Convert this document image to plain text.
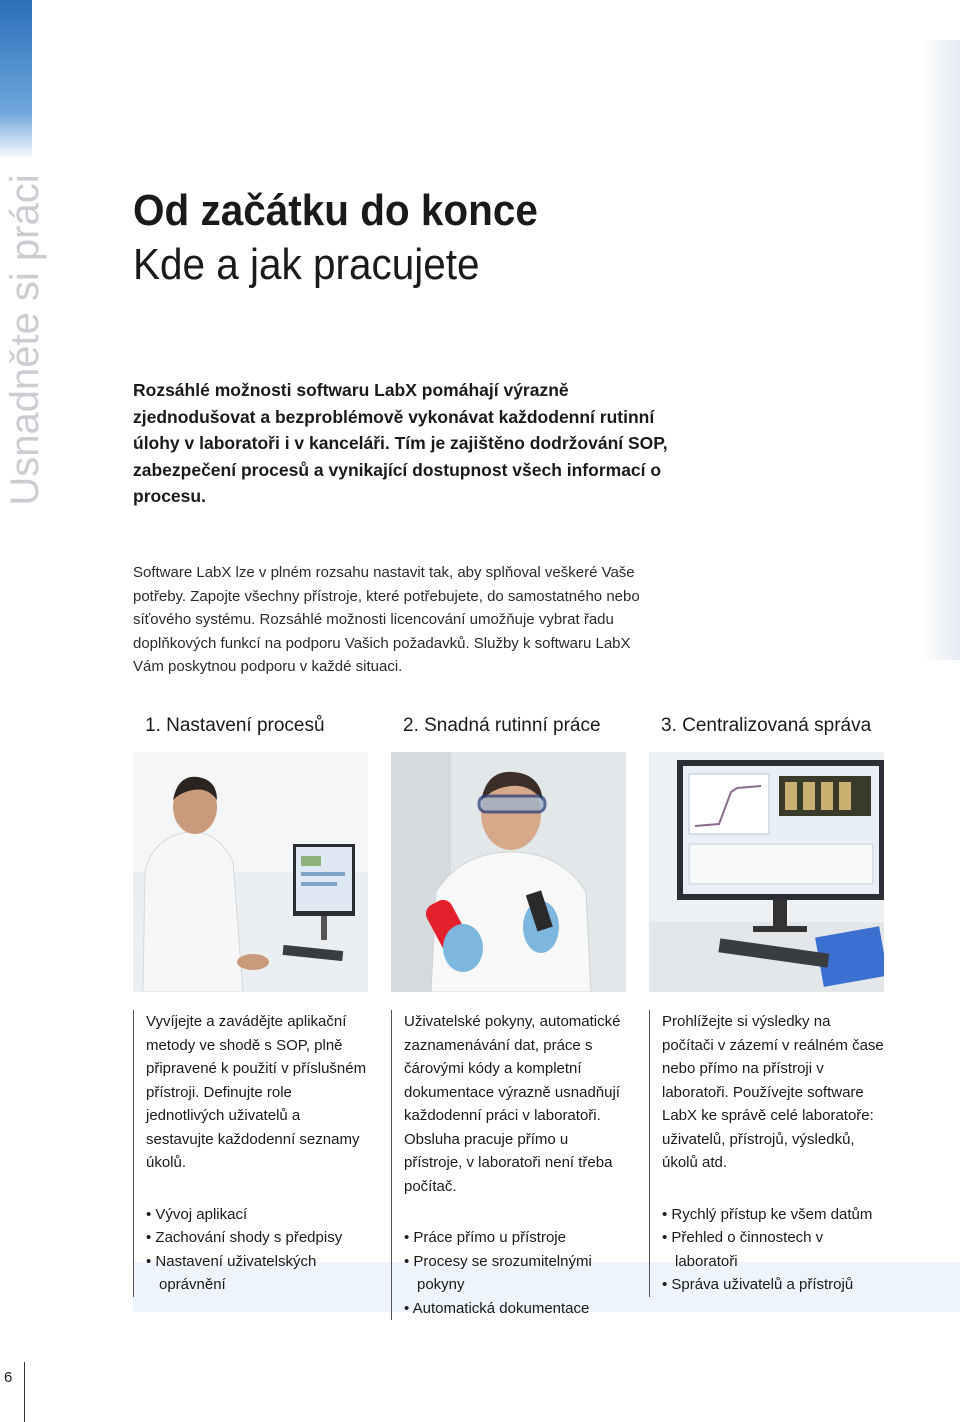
Usnadněte si práci Od začátku do konce
Kde a jak pracujete

Rozsáhlé možnosti softwaru LabX pomáhají výrazně zjednodušovat a bezproblémově vykonávat každodenní rutinní úlohy v laboratoři i v kanceláři. Tím je zajištěno dodržování SOP, zabezpečení procesů a vynikající dostupnost všech informací o procesu.

Software LabX lze v plném rozsahu nastavit tak, aby splňoval veškeré Vaše potřeby. Zapojte všechny přístroje, které potřebujete, do samostatného nebo síťového systému. Rozsáhlé možnosti licencování umožňuje vybrat řadu doplňkových funkcí na podporu Vašich požadavků. Služby k softwaru LabX Vám poskytnou podporu v každé situaci.

1. Nastavení procesů

Vyvíjejte a zavádějte aplikační metody ve shodě s SOP, plně připravené k použití v příslušném přístroji. Definujte role jednotlivých uživatelů a sestavujte každodenní seznamy úkolů.

• Vývoj aplikací
• Zachování shody s předpisy
• Nastavení uživatelských oprávnění
2. Snadná rutinní práce

Uživatelské pokyny, automatické zaznamenávání dat, práce s čárovými kódy a kompletní dokumentace výrazně usnadňují každodenní práci v laboratoři. Obsluha pracuje přímo u přístroje, v laboratoři není třeba počítač.

• Práce přímo u přístroje
• Procesy se srozumitelnými pokyny
• Automatická dokumentace
3. Centralizovaná správa

Prohlížejte si výsledky na počítači v zázemí v reálném čase nebo přímo na přístroji v laboratoři. Používejte software LabX ke správě celé laboratoře: uživatelů, přístrojů, výsledků, úkolů atd.

• Rychlý přístup ke všem datům
• Přehled o činnostech v laboratoři
• Správa uživatelů a přístrojů
6
